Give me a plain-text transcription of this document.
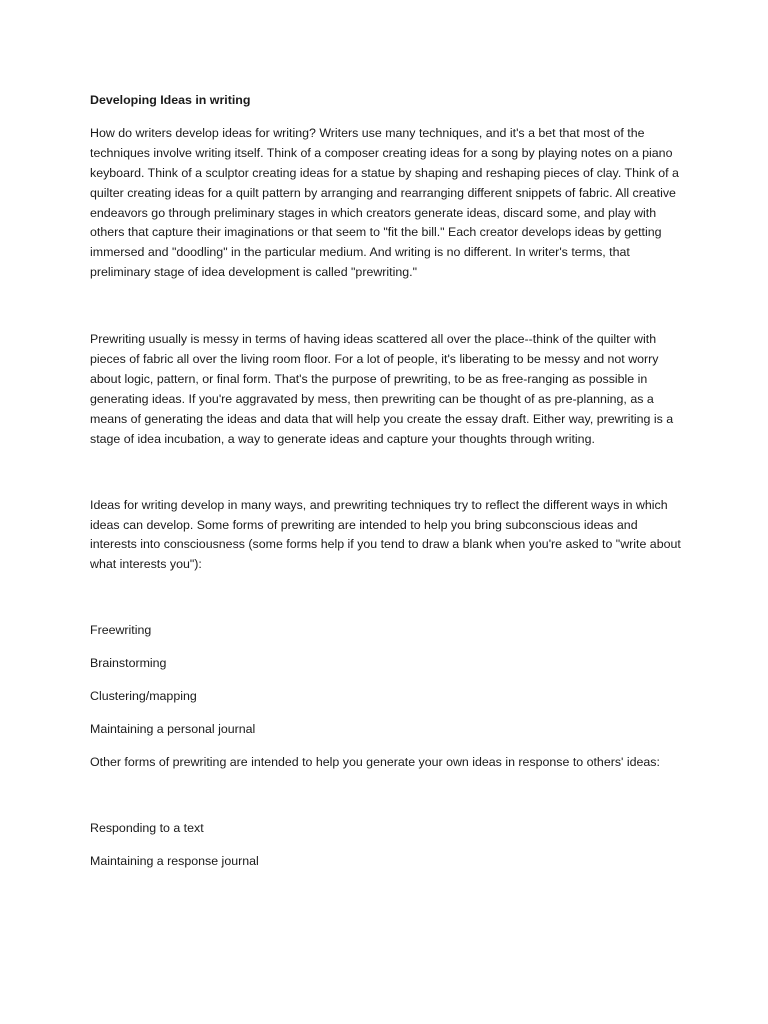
Developing Ideas in writing

How do writers develop ideas for writing? Writers use many techniques, and it's a bet that most of the techniques involve writing itself. Think of a composer creating ideas for a song by playing notes on a piano keyboard. Think of a sculptor creating ideas for a statue by shaping and reshaping pieces of clay. Think of a quilter creating ideas for a quilt pattern by arranging and rearranging different snippets of fabric. All creative endeavors go through preliminary stages in which creators generate ideas, discard some, and play with others that capture their imaginations or that seem to "fit the bill." Each creator develops ideas by getting immersed and "doodling" in the particular medium. And writing is no different. In writer's terms, that preliminary stage of idea development is called "prewriting."

Prewriting usually is messy in terms of having ideas scattered all over the place--think of the quilter with pieces of fabric all over the living room floor. For a lot of people, it's liberating to be messy and not worry about logic, pattern, or final form. That's the purpose of prewriting, to be as free-ranging as possible in generating ideas. If you're aggravated by mess, then prewriting can be thought of as pre-planning, as a means of generating the ideas and data that will help you create the essay draft. Either way, prewriting is a stage of idea incubation, a way to generate ideas and capture your thoughts through writing.

Ideas for writing develop in many ways, and prewriting techniques try to reflect the different ways in which ideas can develop. Some forms of prewriting are intended to help you bring subconscious ideas and interests into consciousness (some forms help if you tend to draw a blank when you're asked to "write about what interests you"):

Freewriting

Brainstorming

Clustering/mapping

Maintaining a personal journal

Other forms of prewriting are intended to help you generate your own ideas in response to others' ideas:

Responding to a text

Maintaining a response journal
